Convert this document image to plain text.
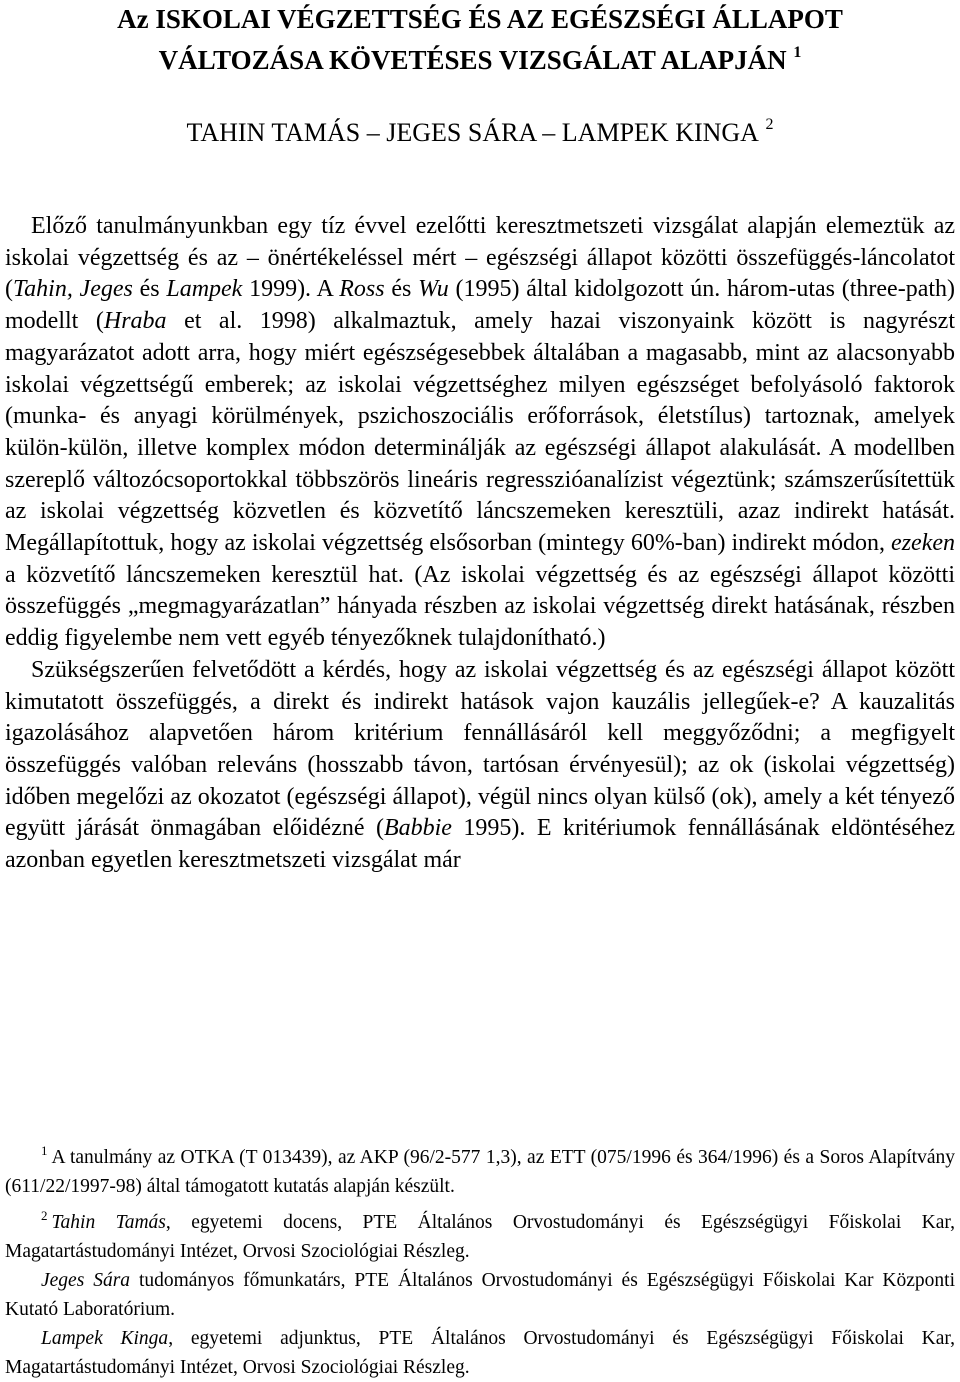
Az ISKOLAI VÉGZETTSÉG ÉS AZ EGÉSZSÉGI ÁLLAPOT
VÁLTOZÁSA KÖVETÉSES VIZSGÁLAT ALAPJÁN $^1$
TAHIN TAMÁS – JEGES SÁRA – LAMPEK KINGA $^2$

Előző tanulmányunkban egy tíz évvel ezelőtti keresztmetszeti vizsgálat alapján elemeztük az iskolai végzettség és az – önértékeléssel mért – egészségi állapot közötti összefüggés-láncolatot (Tahin, Jeges és Lampek 1999). A Ross és Wu (1995) által kidolgozott ún. három-utas (three-path) modellt (Hraba et al. 1998) alkalmaztuk, amely hazai viszonyaink között is nagyrészt magyarázatot adott arra, hogy miért egészségesebbek általában a magasabb, mint az alacsonyabb iskolai végzettségű emberek; az iskolai végzettséghez milyen egészséget befolyásoló faktorok (munka- és anyagi körülmények, pszichoszociális erőforrások, életstílus) tartoznak, amelyek külön-külön, illetve komplex módon determinálják az egészségi állapot alakulását. A modellben szereplő változócsoportokkal többszörös lineáris regresszióanalízist végeztünk; számszerűsítettük az iskolai végzettség közvetlen és közvetítő láncszemeken keresztüli, azaz indirekt hatását. Megállapítottuk, hogy az iskolai végzettség elsősorban (mintegy 60%-ban) indirekt módon, ezeken a közvetítő láncszemeken keresztül hat. (Az iskolai végzettség és az egészségi állapot közötti összefüggés „megmagyarázatlan” hányada részben az iskolai végzettség direkt hatásának, részben eddig figyelembe nem vett egyéb tényezőknek tulajdonítható.)

Szükségszerűen felvetődött a kérdés, hogy az iskolai végzettség és az egészségi állapot között kimutatott összefüggés, a direkt és indirekt hatások vajon kauzális jellegűek-e? A kauzalitás igazolásához alapvetően három kritérium fennállásáról kell meggyőződni; a megfigyelt összefüggés valóban releváns (hosszabb távon, tartósan érvényesül); az ok (iskolai végzettség) időben megelőzi az okozatot (egészségi állapot), végül nincs olyan külső (ok), amely a két tényező együtt járását önmagában előidézné (Babbie 1995). E kritériumok fennállásának eldöntéséhez azonban egyetlen keresztmetszeti vizsgálat már

$^1$ A tanulmány az OTKA (T 013439), az AKP (96/2-577 1,3), az ETT (075/1996 és 364/1996) és a Soros Alapítvány (611/22/1997-98) által támogatott kutatás alapján készült.

$^2$ Tahin Tamás, egyetemi docens, PTE Általános Orvostudományi és Egészségügyi Főiskolai Kar, Magatartástudományi Intézet, Orvosi Szociológiai Részleg.

Jeges Sára tudományos főmunkatárs, PTE Általános Orvostudományi és Egészségügyi Főiskolai Kar Központi Kutató Laboratórium.

Lampek Kinga, egyetemi adjunktus, PTE Általános Orvostudományi és Egészségügyi Főiskolai Kar, Magatartástudományi Intézet, Orvosi Szociológiai Részleg.
